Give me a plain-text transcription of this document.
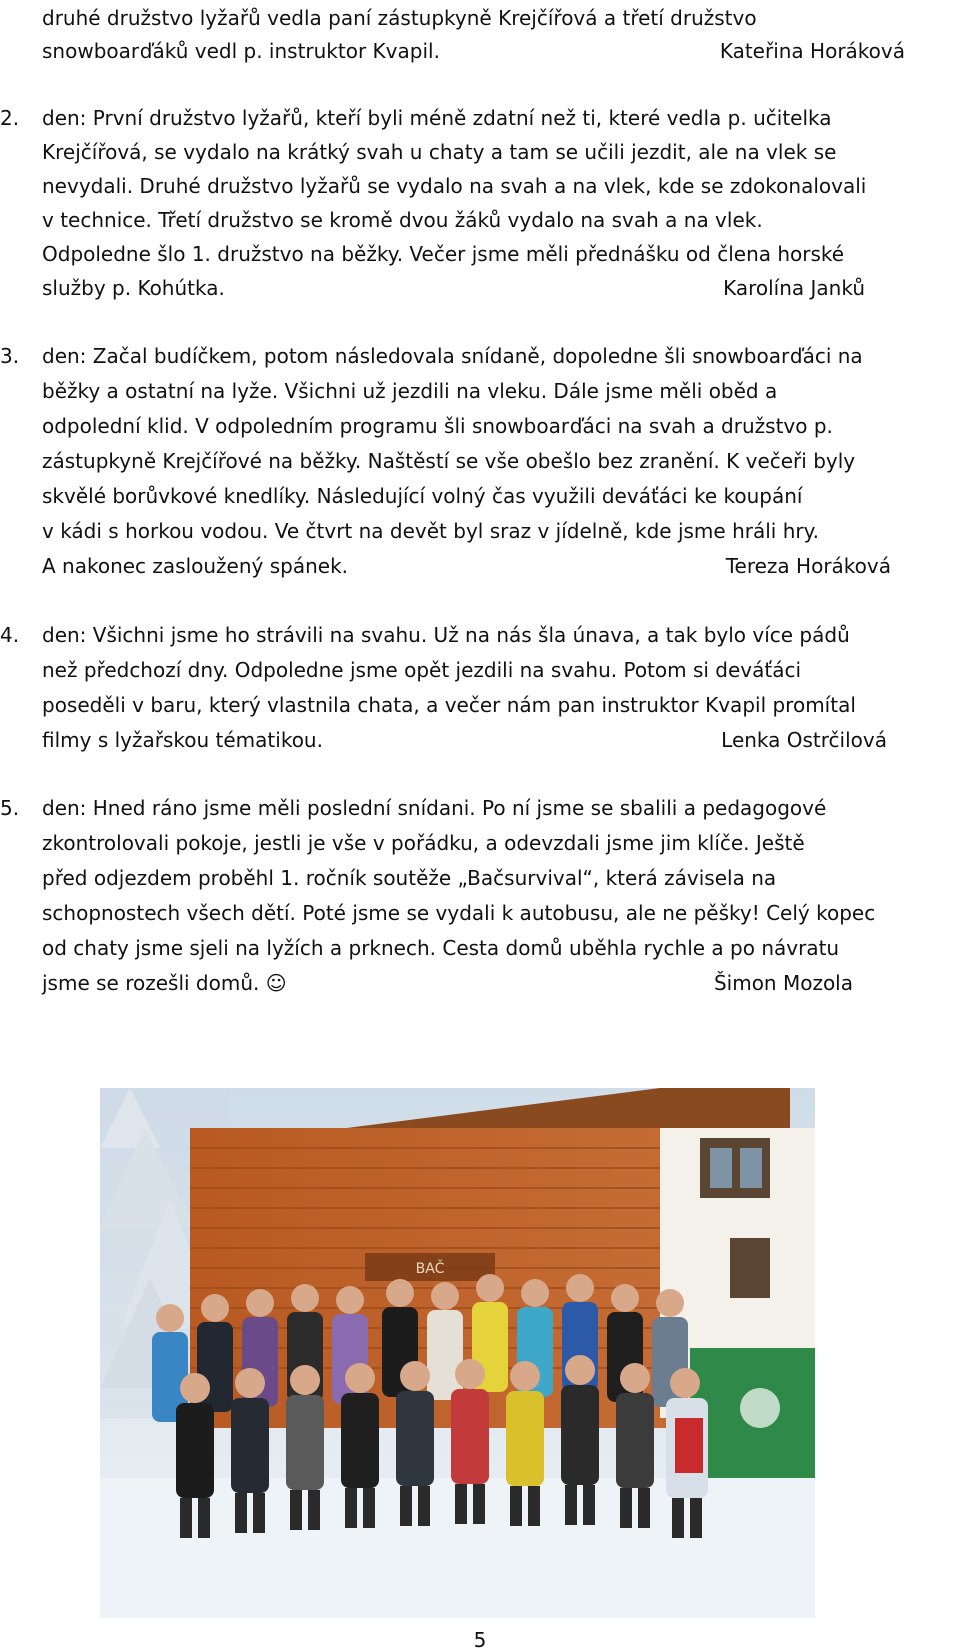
druhé družstvo lyžařů vedla paní zástupkyně Krejčířová a třetí družstvo
snowboarďáků vedl p. instruktor Kvapil.	Kateřina Horáková
2.	den: První družstvo lyžařů, kteří byli méně zdatní než ti, které vedla p. učitelka
Krejčířová, se vydalo na krátký svah u chaty a tam se učili jezdit, ale na vlek se
nevydali. Druhé družstvo lyžařů se vydalo na svah a na vlek, kde se zdokonalovali
v technice. Třetí družstvo se kromě dvou žáků vydalo na svah a na vlek.
Odpoledne šlo 1. družstvo na běžky. Večer jsme měli přednášku od člena horské
služby p. Kohútka.	Karolína Janků
3.	den: Začal budíčkem, potom následovala snídaně, dopoledne šli snowboarďáci na
běžky a ostatní na lyže. Všichni už jezdili na vleku. Dále jsme měli oběd a
odpolední klid. V odpoledním programu šli snowboarďáci na svah a družstvo p.
zástupkyně Krejčířové na běžky. Naštěstí se vše obešlo bez zranění. K večeři byly
skvělé borůvkové knedlíky. Následující volný čas využili deváťáci ke koupání
v kádi s horkou vodou. Ve čtvrt na devět byl sraz v jídelně, kde jsme hráli hry.
A nakonec zasloužený spánek.	Tereza Horáková
4.	den: Všichni jsme ho strávili na svahu. Už na nás šla únava, a tak bylo více pádů
než předchozí dny. Odpoledne jsme opět jezdili na svahu. Potom si deváťáci
poseděli v baru, který vlastnila chata, a večer nám pan instruktor Kvapil promítal
filmy s lyžařskou tématikou.	Lenka Ostrčilová
5.	den: Hned ráno jsme měli poslední snídani. Po ní jsme se sbalili a pedagogové
zkontrolovali pokoje, jestli je vše v pořádku, a odevzdali jsme jim klíče. Ještě
před odjezdem proběhl 1. ročník soutěže „Bačsurvival“, která závisela na
schopnostech všech dětí. Poté jsme se vydali k autobusu, ale ne pěšky! Celý kopec
od chaty jsme sjeli na lyžích a prknech. Cesta domů uběhla rychle a po návratu
jsme se rozešli domů. ☺	Šimon Mozola
BAČ
5
